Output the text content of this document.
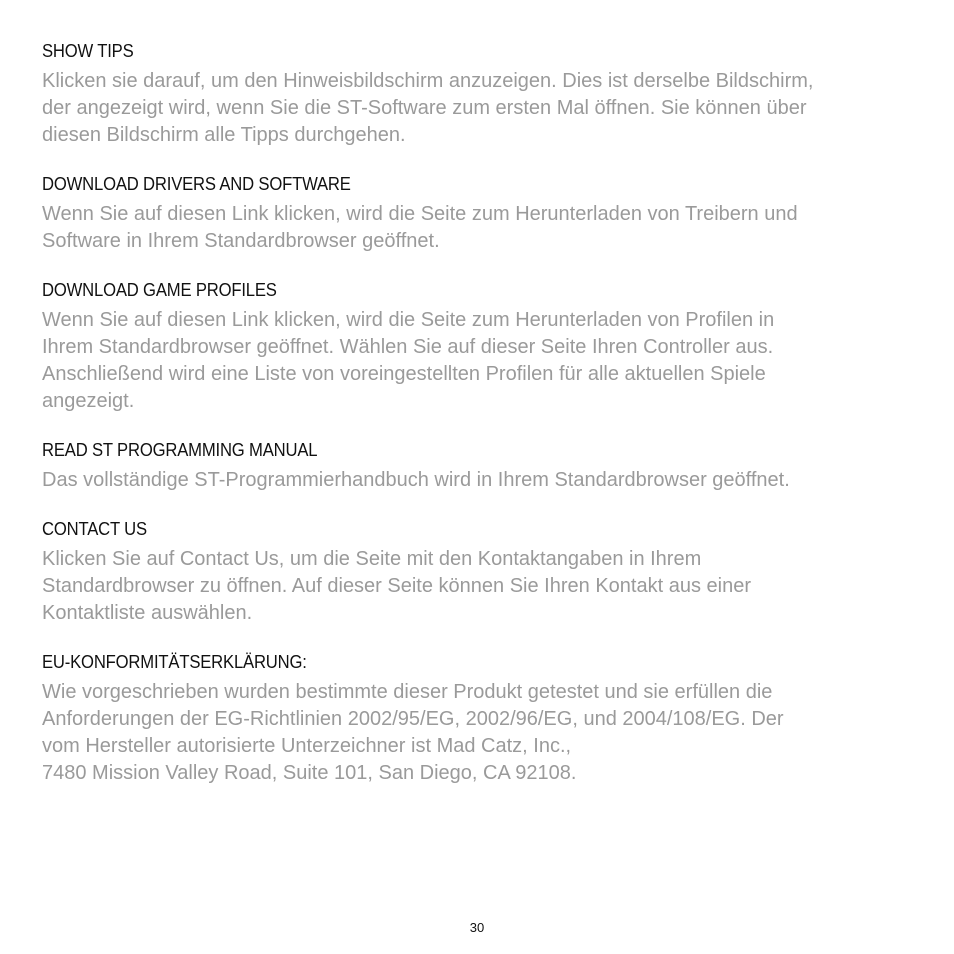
SHOW TIPS

Klicken sie darauf, um den Hinweisbildschirm anzuzeigen. Dies ist derselbe Bildschirm,
der angezeigt wird, wenn Sie die ST-Software zum ersten Mal öffnen. Sie können über
diesen Bildschirm alle Tipps durchgehen.

DOWNLOAD DRIVERS AND SOFTWARE

Wenn Sie auf diesen Link klicken, wird die Seite zum Herunterladen von Treibern und
Software in Ihrem Standardbrowser geöffnet.

DOWNLOAD GAME PROFILES

Wenn Sie auf diesen Link klicken, wird die Seite zum Herunterladen von Profilen in
Ihrem Standardbrowser geöffnet. Wählen Sie auf dieser Seite Ihren Controller aus.
Anschließend wird eine Liste von voreingestellten Profilen für alle aktuellen Spiele
angezeigt.

READ ST PROGRAMMING MANUAL

Das vollständige ST-Programmierhandbuch wird in Ihrem Standardbrowser geöffnet.

CONTACT US

Klicken Sie auf Contact Us, um die Seite mit den Kontaktangaben in Ihrem
Standardbrowser zu öffnen. Auf dieser Seite können Sie Ihren Kontakt aus einer
Kontaktliste auswählen.

EU-KONFORMITÄTSERKLÄRUNG:

Wie vorgeschrieben wurden bestimmte dieser Produkt getestet und sie erfüllen die
Anforderungen der EG-Richtlinien 2002/95/EG, 2002/96/EG, und 2004/108/EG. Der
vom Hersteller autorisierte Unterzeichner ist Mad Catz, Inc.,
7480 Mission Valley Road, Suite 101, San Diego, CA 92108.

30
